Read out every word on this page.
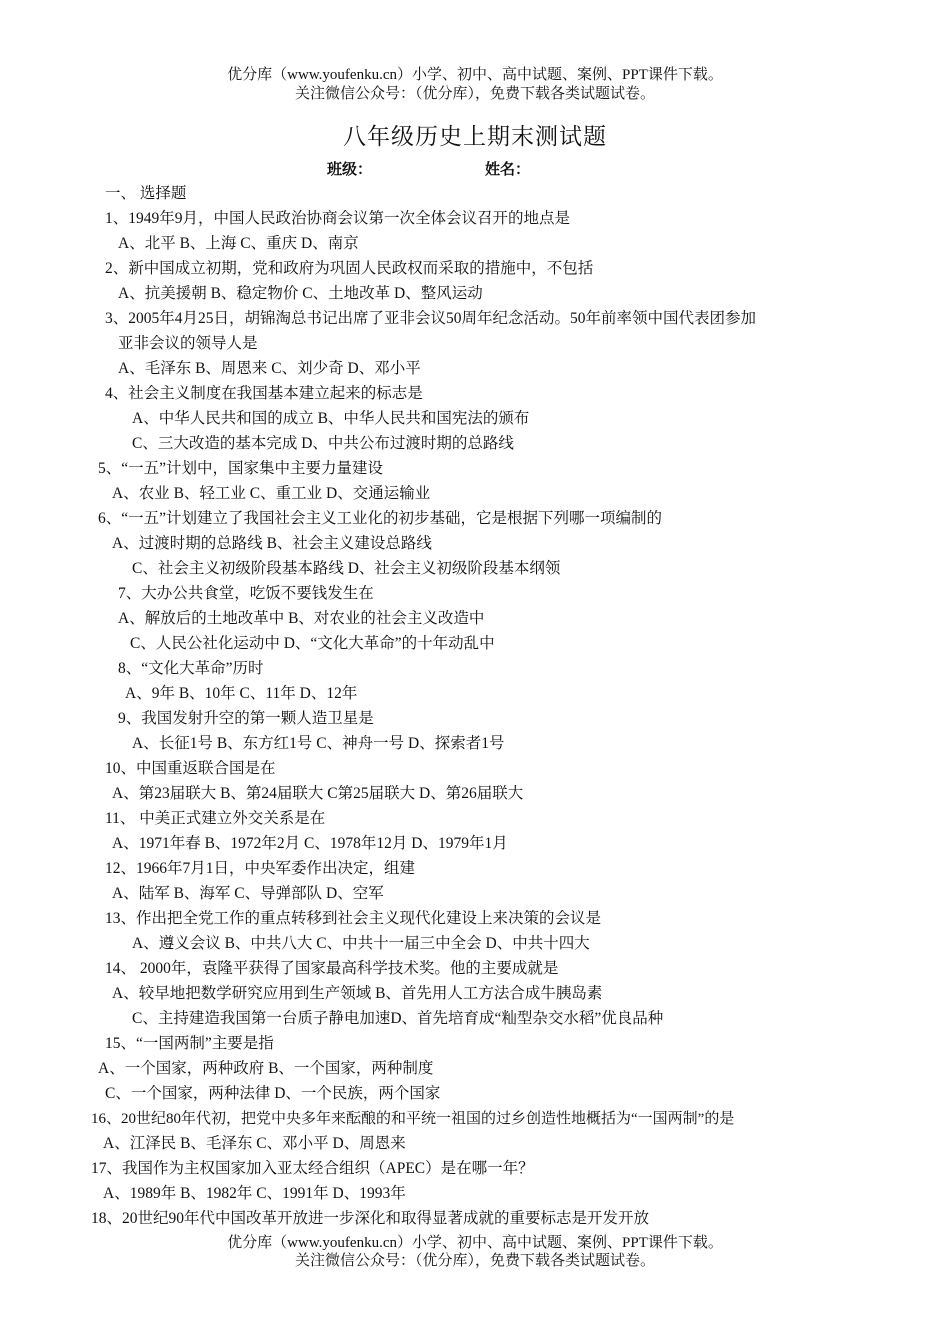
优分库（www.youfenku.cn）小学、初中、高中试题、案例、PPT课件下载。
关注微信公众号：（优分库），免费下载各类试题试卷。
八年级历史上期末测试题
班级：	姓名：
一、 选择题
1、1949年9月，中国人民政治协商会议第一次全体会议召开的地点是
A、北平 B、上海 C、重庆 D、南京
2、新中国成立初期，党和政府为巩固人民政权而采取的措施中，不包括
A、抗美援朝 B、稳定物价 C、土地改革 D、整风运动
3、2005年4月25日，胡锦淘总书记出席了亚非会议50周年纪念活动。50年前率领中国代表团参加
亚非会议的领导人是
A、毛泽东 B、周恩来 C、刘少奇 D、邓小平
4、社会主义制度在我国基本建立起来的标志是
A、中华人民共和国的成立 B、中华人民共和国宪法的颁布
C、三大改造的基本完成 D、中共公布过渡时期的总路线
5、“一五”计划中，国家集中主要力量建设
A、农业 B、轻工业 C、重工业 D、交通运输业
6、“一五”计划建立了我国社会主义工业化的初步基础，它是根据下列哪一项编制的
A、过渡时期的总路线 B、社会主义建设总路线
C、社会主义初级阶段基本路线 D、社会主义初级阶段基本纲领
7、大办公共食堂，吃饭不要钱发生在
A、解放后的土地改革中 B、对农业的社会主义改造中
C、人民公社化运动中 D、“文化大革命”的十年动乱中
8、“文化大革命”历时
A、9年 B、10年 C、11年 D、12年
9、我国发射升空的第一颗人造卫星是
A、长征1号 B、东方红1号 C、神舟一号 D、探索者1号
10、中国重返联合国是在
A、第23届联大 B、第24届联大 C第25届联大 D、第26届联大
11、 中美正式建立外交关系是在
A、1971年春 B、1972年2月 C、1978年12月 D、1979年1月
12、1966年7月1日，中央军委作出决定，组建
A、陆军 B、海军 C、导弹部队 D、空军
13、作出把全党工作的重点转移到社会主义现代化建设上来决策的会议是
A、遵义会议 B、中共八大 C、中共十一届三中全会 D、中共十四大
14、 2000年，袁隆平获得了国家最高科学技术奖。他的主要成就是
A、较早地把数学研究应用到生产领域 B、首先用人工方法合成牛胰岛素
C、主持建造我国第一台质子静电加速D、首先培育成“籼型杂交水稻”优良品种
15、“一国两制”主要是指
A、一个国家，两种政府 B、一个国家，两种制度
C、一个国家，两种法律 D、一个民族，两个国家
16、20世纪80年代初，把党中央多年来酝酿的和平统一祖国的过乡创造性地概括为“一国两制”的是
A、江泽民 B、毛泽东 C、邓小平 D、周恩来
17、我国作为主权国家加入亚太经合组织（APEC）是在哪一年？
A、1989年 B、1982年 C、1991年 D、1993年
18、20世纪90年代中国改革开放进一步深化和取得显著成就的重要标志是开发开放
优分库（www.youfenku.cn）小学、初中、高中试题、案例、PPT课件下载。
关注微信公众号：（优分库），免费下载各类试题试卷。
